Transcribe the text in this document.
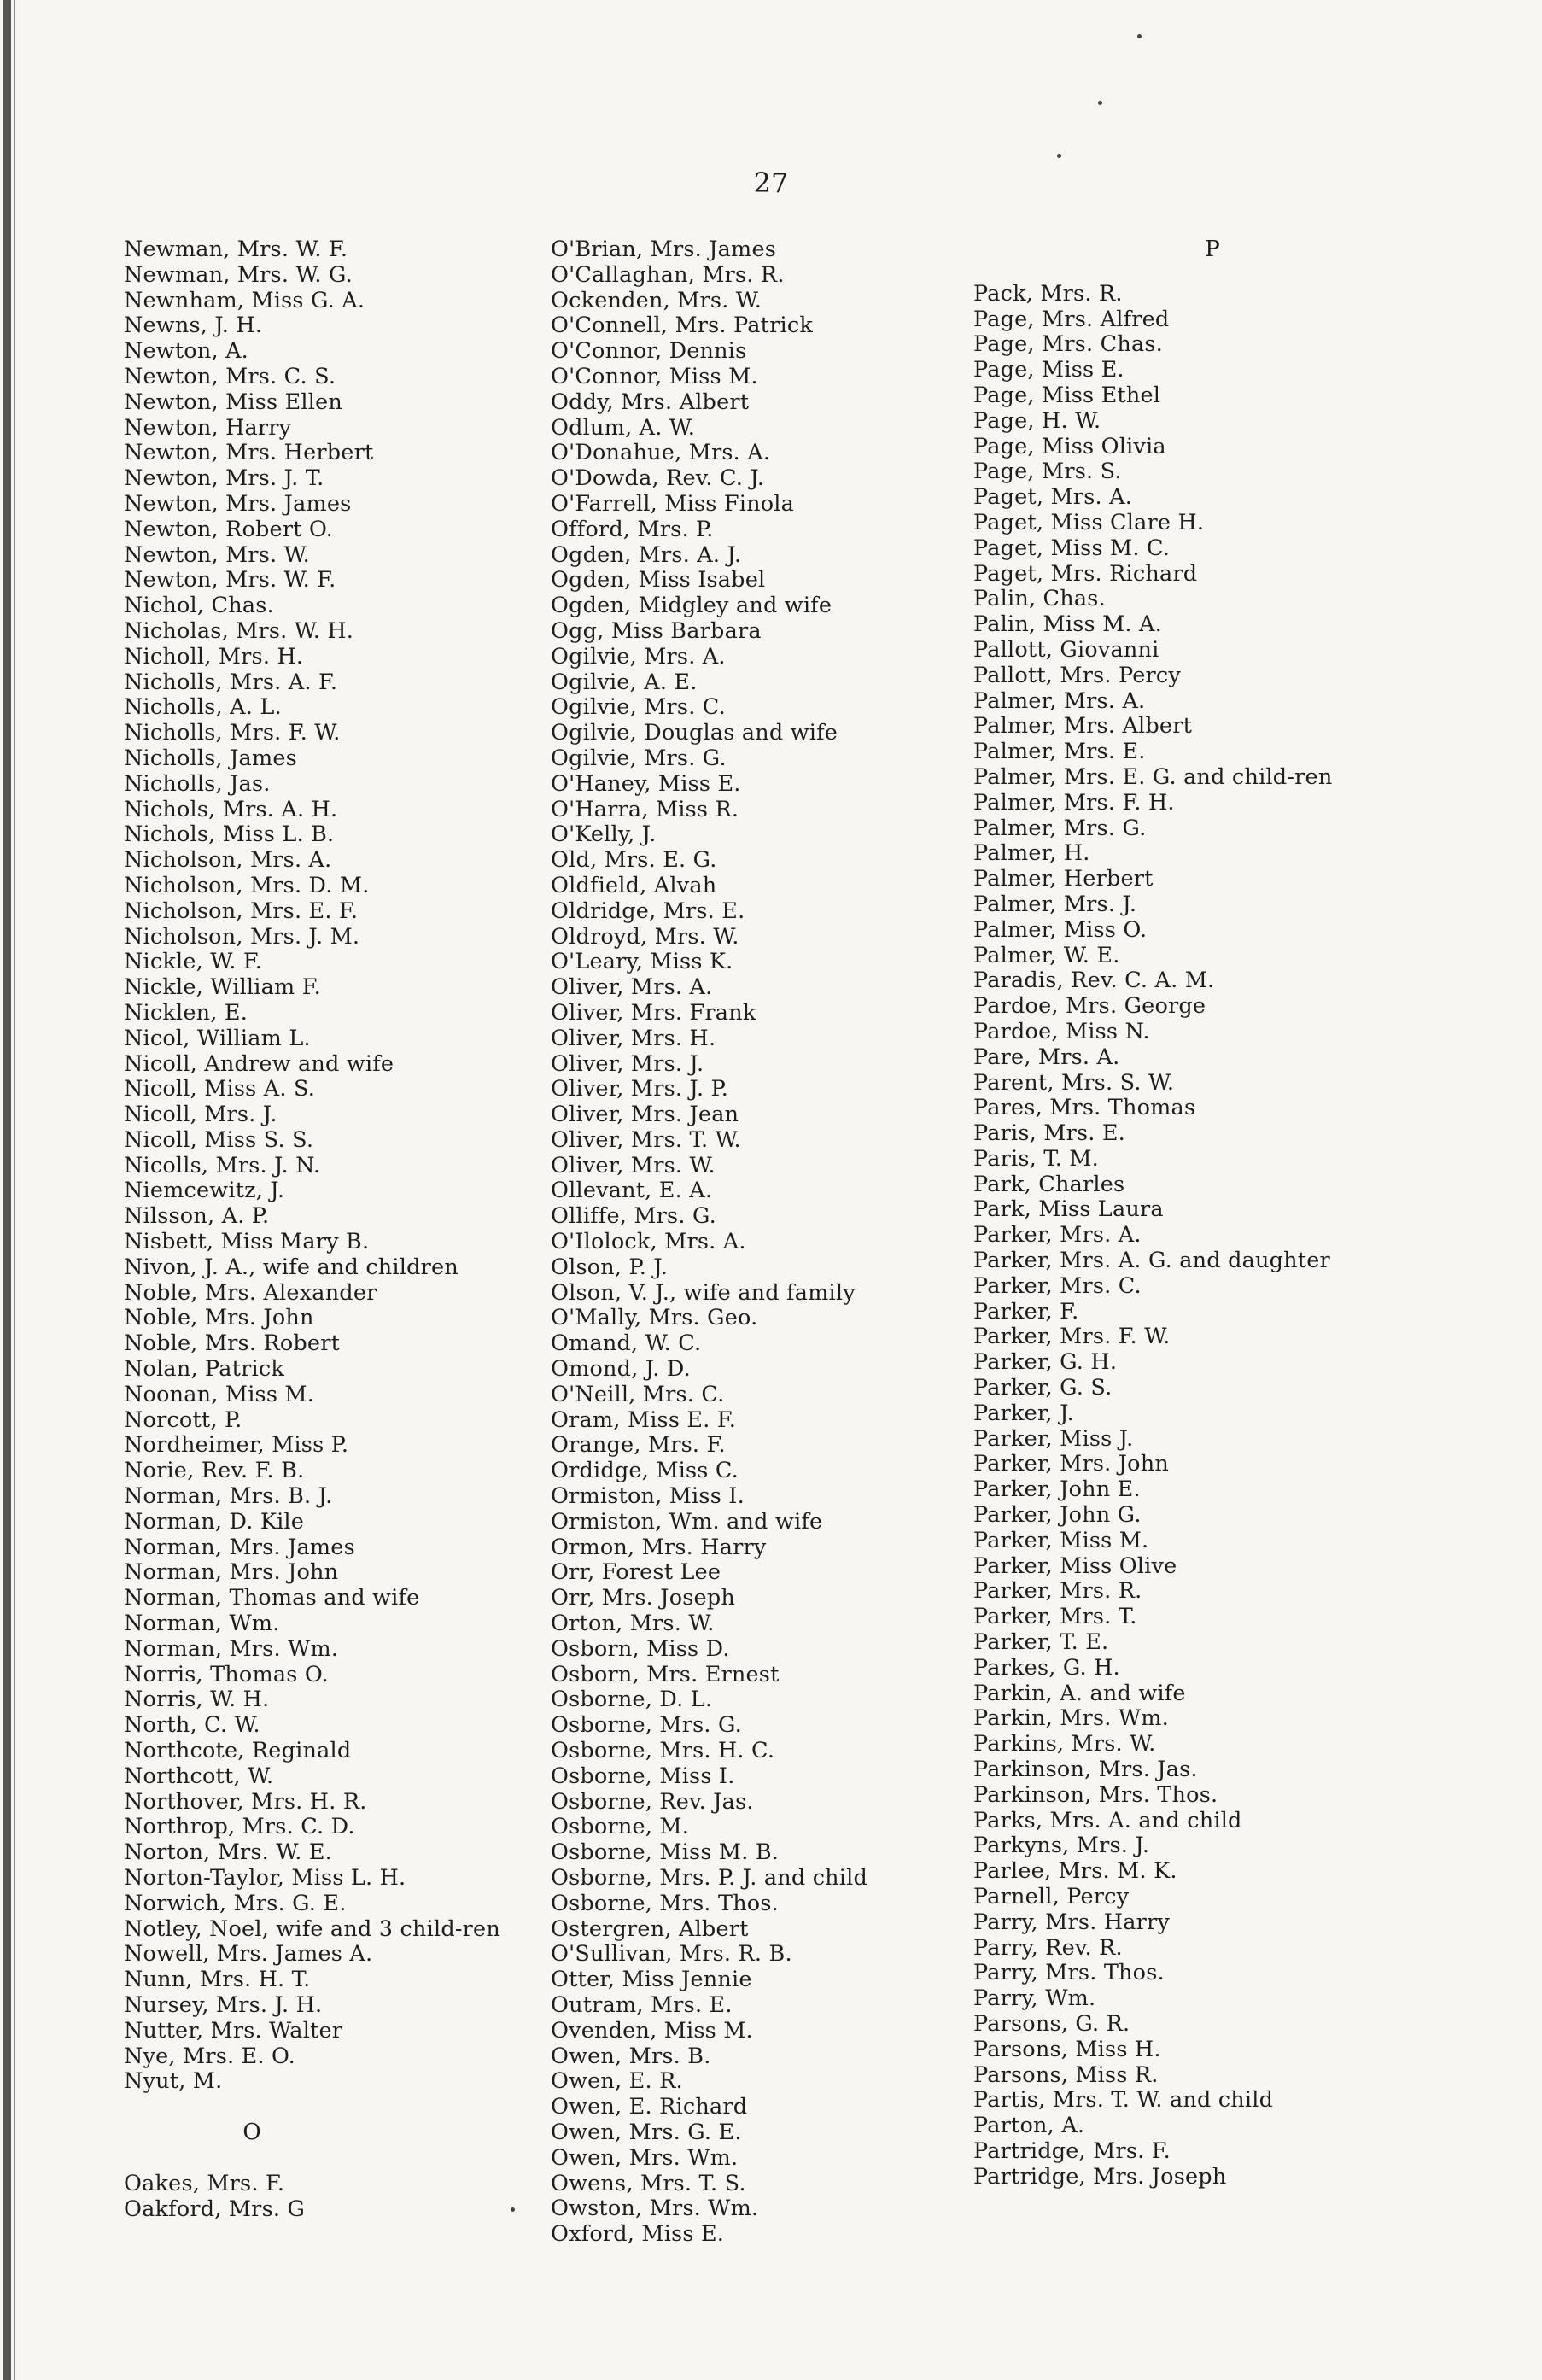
27
Newman, Mrs. W. F.
Newman, Mrs. W. G.
Newnham, Miss G. A.
Newns, J. H.
Newton, A.
Newton, Mrs. C. S.
Newton, Miss Ellen
Newton, Harry
Newton, Mrs. Herbert
Newton, Mrs. J. T.
Newton, Mrs. James
Newton, Robert O.
Newton, Mrs. W.
Newton, Mrs. W. F.
Nichol, Chas.
Nicholas, Mrs. W. H.
Nicholl, Mrs. H.
Nicholls, Mrs. A. F.
Nicholls, A. L.
Nicholls, Mrs. F. W.
Nicholls, James
Nicholls, Jas.
Nichols, Mrs. A. H.
Nichols, Miss L. B.
Nicholson, Mrs. A.
Nicholson, Mrs. D. M.
Nicholson, Mrs. E. F.
Nicholson, Mrs. J. M.
Nickle, W. F.
Nickle, William F.
Nicklen, E.
Nicol, William L.
Nicoll, Andrew and wife
Nicoll, Miss A. S.
Nicoll, Mrs. J.
Nicoll, Miss S. S.
Nicolls, Mrs. J. N.
Niemcewitz, J.
Nilsson, A. P.
Nisbett, Miss Mary B.
Nivon, J. A., wife and children
Noble, Mrs. Alexander
Noble, Mrs. John
Noble, Mrs. Robert
Nolan, Patrick
Noonan, Miss M.
Norcott, P.
Nordheimer, Miss P.
Norie, Rev. F. B.
Norman, Mrs. B. J.
Norman, D. Kile
Norman, Mrs. James
Norman, Mrs. John
Norman, Thomas and wife
Norman, Wm.
Norman, Mrs. Wm.
Norris, Thomas O.
Norris, W. H.
North, C. W.
Northcote, Reginald
Northcott, W.
Northover, Mrs. H. R.
Northrop, Mrs. C. D.
Norton, Mrs. W. E.
Norton-Taylor, Miss L. H.
Norwich, Mrs. G. E.
Notley, Noel, wife and 3 child-ren
Nowell, Mrs. James A.
Nunn, Mrs. H. T.
Nursey, Mrs. J. H.
Nutter, Mrs. Walter
Nye, Mrs. E. O.
Nyut, M.
O
Oakes, Mrs. F.
Oakford, Mrs. G
O'Brian, Mrs. James
O'Callaghan, Mrs. R.
Ockenden, Mrs. W.
O'Connell, Mrs. Patrick
O'Connor, Dennis
O'Connor, Miss M.
Oddy, Mrs. Albert
Odlum, A. W.
O'Donahue, Mrs. A.
O'Dowda, Rev. C. J.
O'Farrell, Miss Finola
Offord, Mrs. P.
Ogden, Mrs. A. J.
Ogden, Miss Isabel
Ogden, Midgley and wife
Ogg, Miss Barbara
Ogilvie, Mrs. A.
Ogilvie, A. E.
Ogilvie, Mrs. C.
Ogilvie, Douglas and wife
Ogilvie, Mrs. G.
O'Haney, Miss E.
O'Harra, Miss R.
O'Kelly, J.
Old, Mrs. E. G.
Oldfield, Alvah
Oldridge, Mrs. E.
Oldroyd, Mrs. W.
O'Leary, Miss K.
Oliver, Mrs. A.
Oliver, Mrs. Frank
Oliver, Mrs. H.
Oliver, Mrs. J.
Oliver, Mrs. J. P.
Oliver, Mrs. Jean
Oliver, Mrs. T. W.
Oliver, Mrs. W.
Ollevant, E. A.
Olliffe, Mrs. G.
O'Ilolock, Mrs. A.
Olson, P. J.
Olson, V. J., wife and family
O'Mally, Mrs. Geo.
Omand, W. C.
Omond, J. D.
O'Neill, Mrs. C.
Oram, Miss E. F.
Orange, Mrs. F.
Ordidge, Miss C.
Ormiston, Miss I.
Ormiston, Wm. and wife
Ormon, Mrs. Harry
Orr, Forest Lee
Orr, Mrs. Joseph
Orton, Mrs. W.
Osborn, Miss D.
Osborn, Mrs. Ernest
Osborne, D. L.
Osborne, Mrs. G.
Osborne, Mrs. H. C.
Osborne, Miss I.
Osborne, Rev. Jas.
Osborne, M.
Osborne, Miss M. B.
Osborne, Mrs. P. J. and child
Osborne, Mrs. Thos.
Ostergren, Albert
O'Sullivan, Mrs. R. B.
Otter, Miss Jennie
Outram, Mrs. E.
Ovenden, Miss M.
Owen, Mrs. B.
Owen, E. R.
Owen, E. Richard
Owen, Mrs. G. E.
Owen, Mrs. Wm.
Owens, Mrs. T. S.
Owston, Mrs. Wm.
Oxford, Miss E.
P
Pack, Mrs. R.
Page, Mrs. Alfred
Page, Mrs. Chas.
Page, Miss E.
Page, Miss Ethel
Page, H. W.
Page, Miss Olivia
Page, Mrs. S.
Paget, Mrs. A.
Paget, Miss Clare H.
Paget, Miss M. C.
Paget, Mrs. Richard
Palin, Chas.
Palin, Miss M. A.
Pallott, Giovanni
Pallott, Mrs. Percy
Palmer, Mrs. A.
Palmer, Mrs. Albert
Palmer, Mrs. E.
Palmer, Mrs. E. G. and child-ren
Palmer, Mrs. F. H.
Palmer, Mrs. G.
Palmer, H.
Palmer, Herbert
Palmer, Mrs. J.
Palmer, Miss O.
Palmer, W. E.
Paradis, Rev. C. A. M.
Pardoe, Mrs. George
Pardoe, Miss N.
Pare, Mrs. A.
Parent, Mrs. S. W.
Pares, Mrs. Thomas
Paris, Mrs. E.
Paris, T. M.
Park, Charles
Park, Miss Laura
Parker, Mrs. A.
Parker, Mrs. A. G. and daughter
Parker, Mrs. C.
Parker, F.
Parker, Mrs. F. W.
Parker, G. H.
Parker, G. S.
Parker, J.
Parker, Miss J.
Parker, Mrs. John
Parker, John E.
Parker, John G.
Parker, Miss M.
Parker, Miss Olive
Parker, Mrs. R.
Parker, Mrs. T.
Parker, T. E.
Parkes, G. H.
Parkin, A. and wife
Parkin, Mrs. Wm.
Parkins, Mrs. W.
Parkinson, Mrs. Jas.
Parkinson, Mrs. Thos.
Parks, Mrs. A. and child
Parkyns, Mrs. J.
Parlee, Mrs. M. K.
Parnell, Percy
Parry, Mrs. Harry
Parry, Rev. R.
Parry, Mrs. Thos.
Parry, Wm.
Parsons, G. R.
Parsons, Miss H.
Parsons, Miss R.
Partis, Mrs. T. W. and child
Parton, A.
Partridge, Mrs. F.
Partridge, Mrs. Joseph
